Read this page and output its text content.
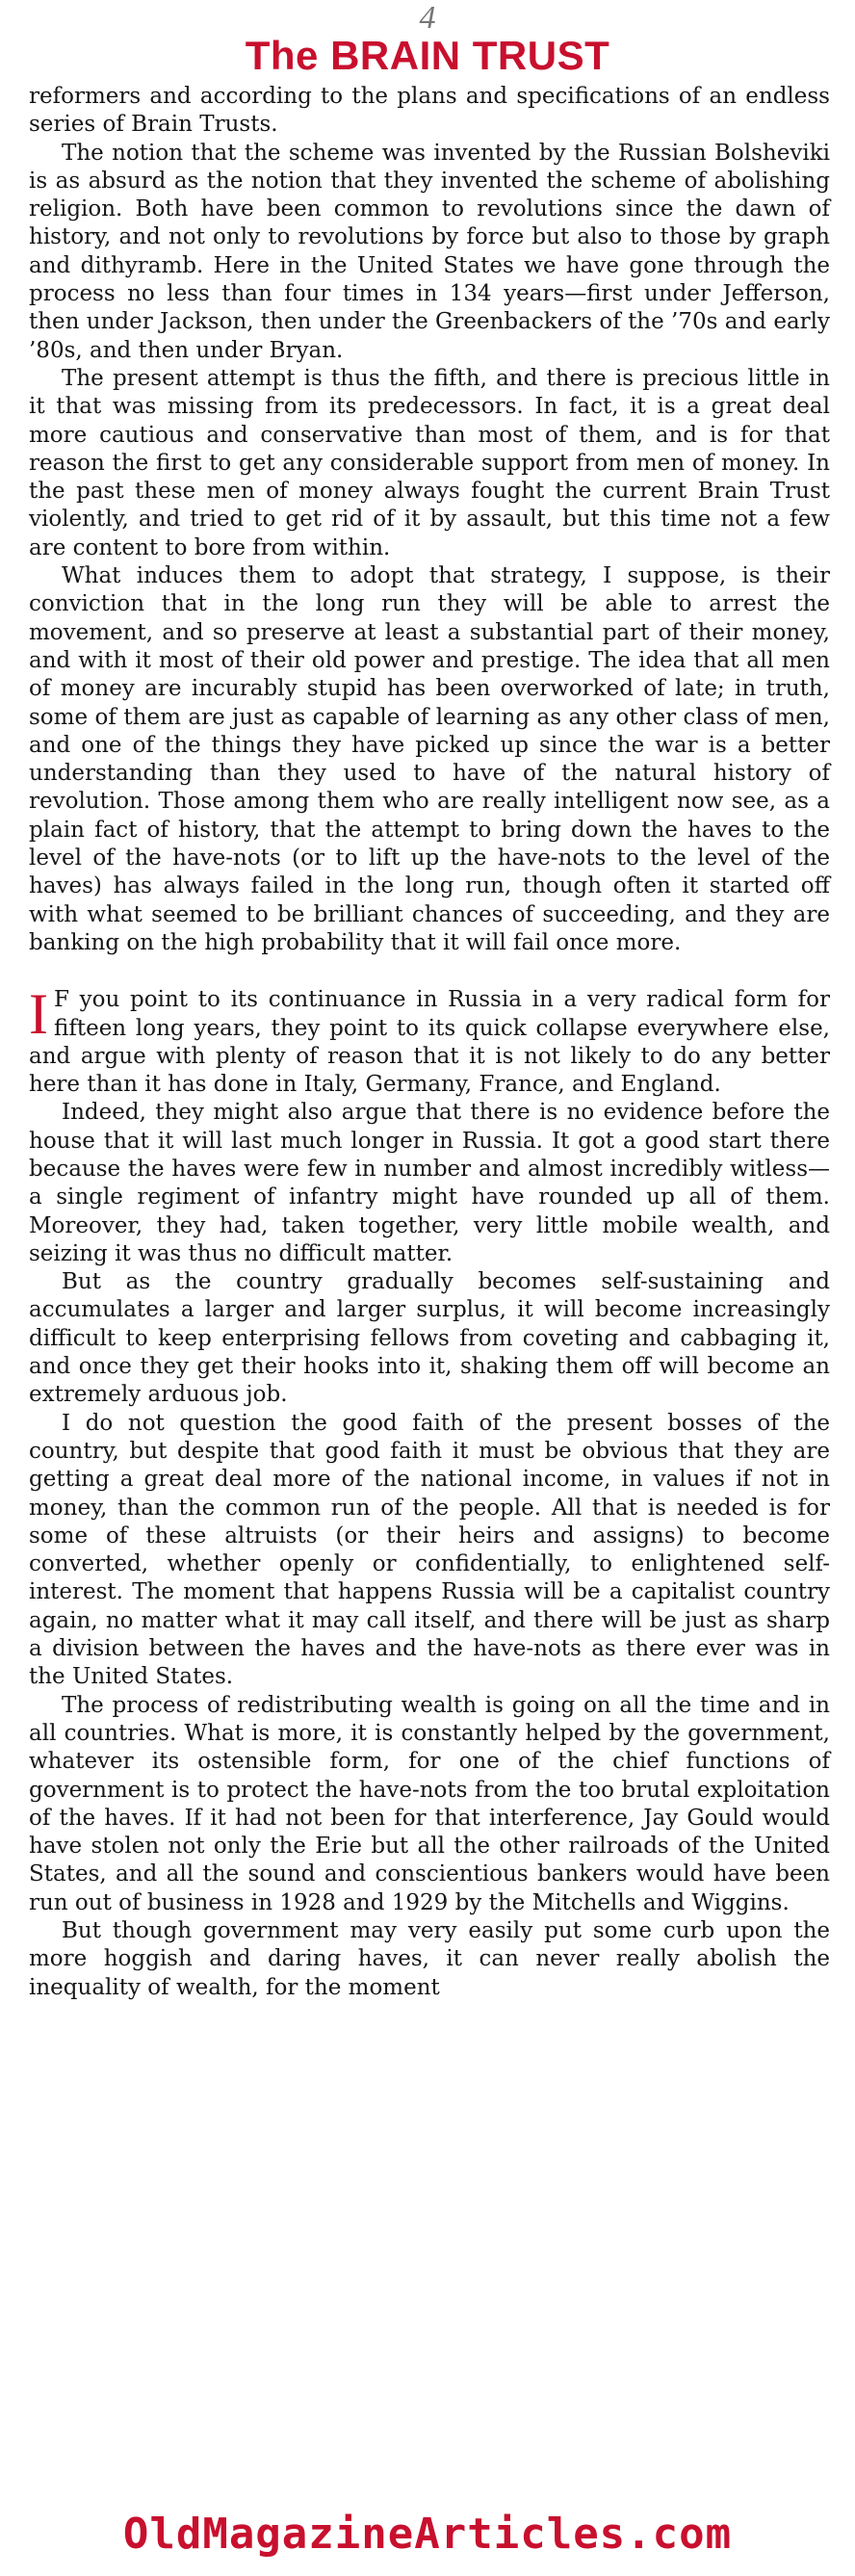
4
The BRAIN TRUST

reformers and according to the plans and specifications of an endless series of Brain Trusts.

The notion that the scheme was invented by the Russian Bolsheviki is as absurd as the notion that they invented the scheme of abolishing religion. Both have been common to revolutions since the dawn of history, and not only to revolutions by force but also to those by graph and dithyramb. Here in the United States we have gone through the process no less than four times in 134 years—first under Jefferson, then under Jackson, then under the Greenbackers of the ’70s and early ’80s, and then under Bryan.

The present attempt is thus the fifth, and there is precious little in it that was missing from its predecessors. In fact, it is a great deal more cautious and conservative than most of them, and is for that reason the first to get any considerable support from men of money. In the past these men of money always fought the current Brain Trust violently, and tried to get rid of it by assault, but this time not a few are content to bore from within.

What induces them to adopt that strategy, I suppose, is their conviction that in the long run they will be able to arrest the movement, and so preserve at least a substantial part of their money, and with it most of their old power and prestige. The idea that all men of money are incurably stupid has been overworked of late; in truth, some of them are just as capable of learning as any other class of men, and one of the things they have picked up since the war is a better understanding than they used to have of the natural history of revolution. Those among them who are really intelligent now see, as a plain fact of history, that the attempt to bring down the haves to the level of the have-nots (or to lift up the have-nots to the level of the haves) has always failed in the long run, though often it started off with what seemed to be brilliant chances of succeeding, and they are banking on the high probability that it will fail once more.

I F you point to its continuance in Russia in a very radical form for fifteen long years, they point to its quick collapse everywhere else, and argue with plenty of reason that it is not likely to do any better here than it has done in Italy, Germany, France, and England.

Indeed, they might also argue that there is no evidence before the house that it will last much longer in Russia. It got a good start there because the haves were few in number and almost incredibly witless—a single regiment of infantry might have rounded up all of them. Moreover, they had, taken together, very little mobile wealth, and seizing it was thus no difficult matter.

But as the country gradually becomes self-sustaining and accumulates a larger and larger surplus, it will become increasingly difficult to keep enterprising fellows from coveting and cabbaging it, and once they get their hooks into it, shaking them off will become an extremely arduous job.

I do not question the good faith of the present bosses of the country, but despite that good faith it must be obvious that they are getting a great deal more of the national income, in values if not in money, than the common run of the people. All that is needed is for some of these altruists (or their heirs and assigns) to become converted, whether openly or confidentially, to enlightened self-interest. The moment that happens Russia will be a capitalist country again, no matter what it may call itself, and there will be just as sharp a division between the haves and the have-nots as there ever was in the United States.

The process of redistributing wealth is going on all the time and in all countries. What is more, it is constantly helped by the government, whatever its ostensible form, for one of the chief functions of government is to protect the have-nots from the too brutal exploitation of the haves. If it had not been for that interference, Jay Gould would have stolen not only the Erie but all the other railroads of the United States, and all the sound and conscientious bankers would have been run out of business in 1928 and 1929 by the Mitchells and Wiggins.

But though government may very easily put some curb upon the more hoggish and daring haves, it can never really abolish the inequality of wealth, for the moment

OldMagazineArticles.com
